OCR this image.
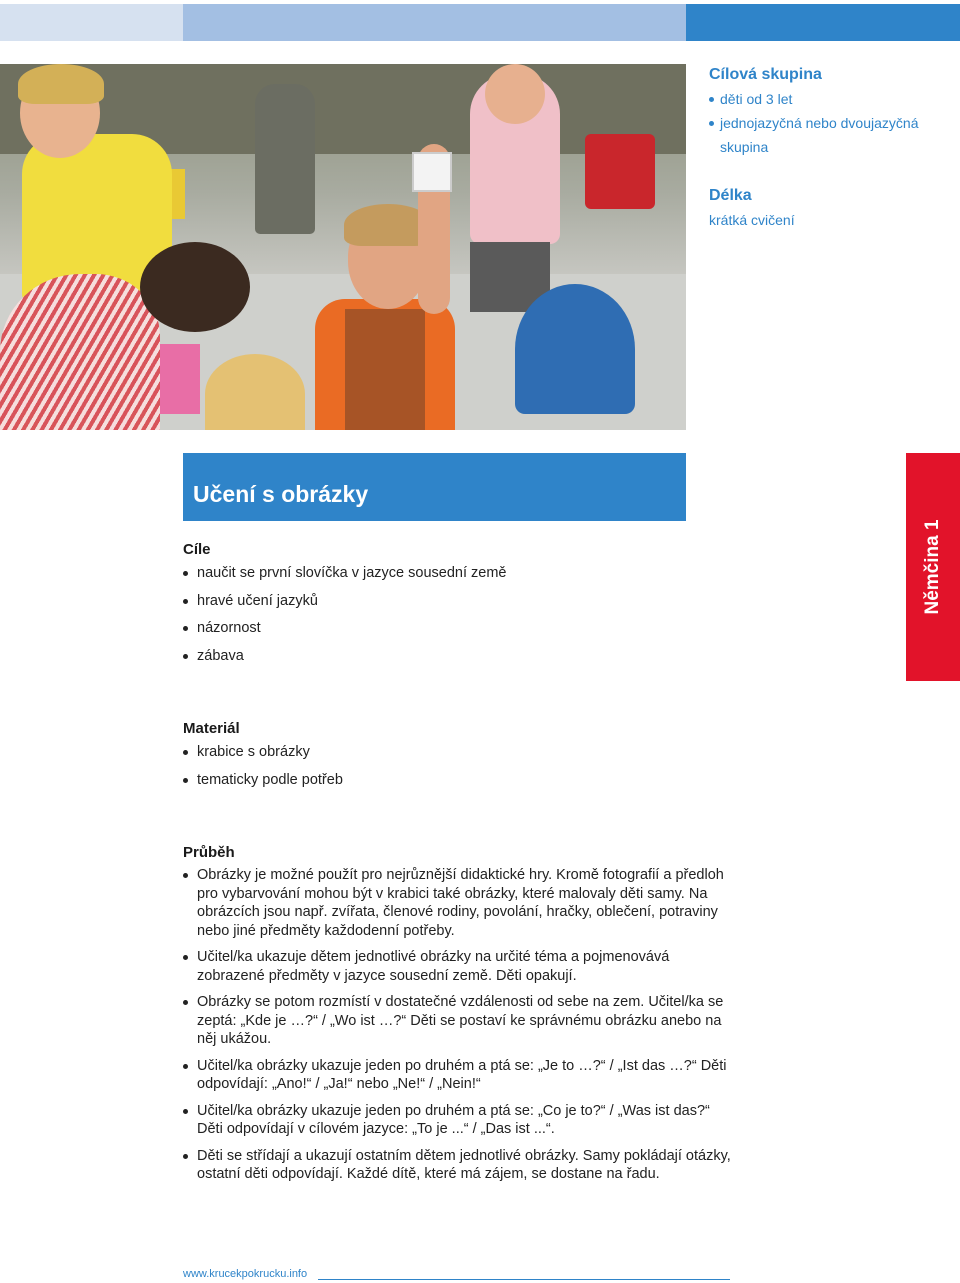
Cílová skupina
děti od 3 let
jednojazyčná nebo dvoujazyčná skupina
Délka

krátká cvičení

Učení s obrázky
Němčina 1
Cíle
naučit se první slovíčka v jazyce sousední země
hravé učení jazyků
názornost
zábava
Materiál
krabice s obrázky
tematicky podle potřeb
Průběh
Obrázky je možné použít pro nejrůznější didaktické hry. Kromě fotografií a předloh pro vybarvování mohou být v krabici také obrázky, které malovaly děti samy. Na obrázcích jsou např. zvířata, členové rodiny, povolání, hračky, oblečení, potraviny nebo jiné předměty každodenní potřeby.
Učitel/ka ukazuje dětem jednotlivé obrázky na určité téma a pojmenovává zobrazené předměty v jazyce sousední země. Děti opakují.
Obrázky se potom rozmístí v dostatečné vzdálenosti od sebe na zem. Učitel/ka se zeptá: „Kde je …?“ / „Wo ist …?“ Děti se postaví ke správnému obrázku anebo na něj ukážou.
Učitel/ka obrázky ukazuje jeden po druhém a ptá se: „Je to …?“ / „Ist das …?“ Děti odpovídají: „Ano!“ / „Ja!“ nebo „Ne!“ / „Nein!“
Učitel/ka obrázky ukazuje jeden po druhém a ptá se: „Co je to?“ / „Was ist das?“ Děti odpovídají v cílovém jazyce: „To je ...“ / „Das ist ...“.
Děti se střídají a ukazují ostatním dětem jednotlivé obrázky. Samy pokládají otázky, ostatní děti odpovídají. Každé dítě, které má zájem, se dostane na řadu.
www.krucekpokrucku.info
